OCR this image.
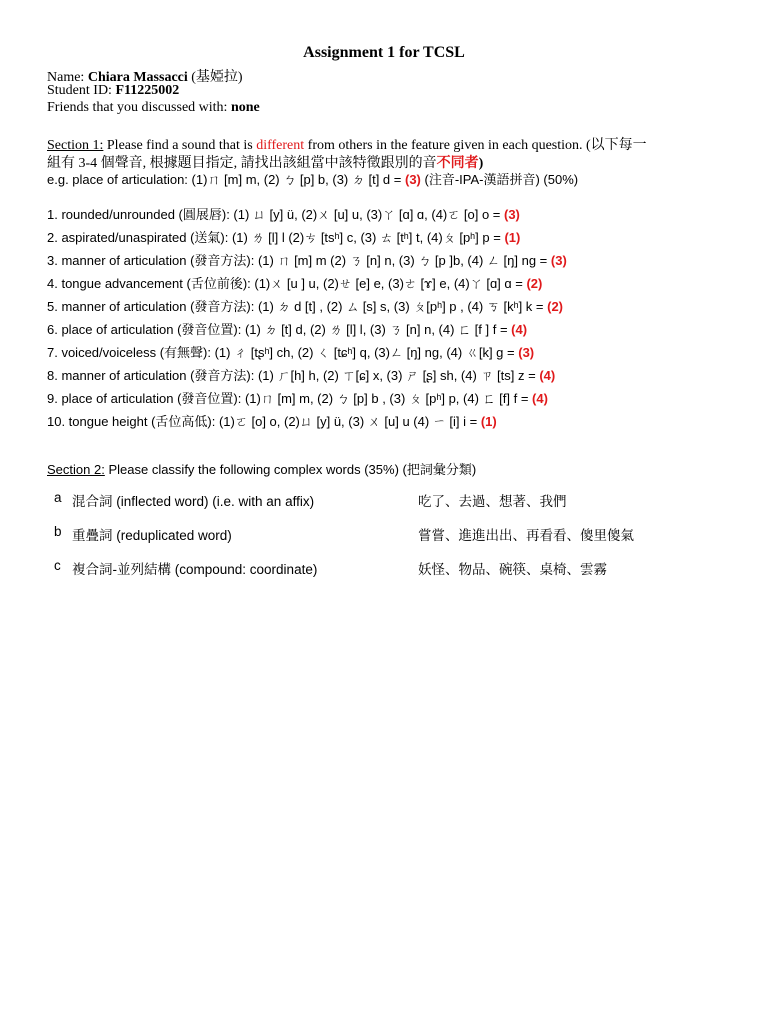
Assignment 1 for TCSL
Name: Chiara Massacci (基婭拉)
Student ID: F11225002
Friends that you discussed with: none
Section 1: Please find a sound that is different from others in the feature given in each question. (以下每一
組有 3-4 個聲音, 根據題目指定, 請找出該組當中該特徵跟別的音不同者)
e.g. place of articulation: (1)ㄇ [m] m, (2) ㄅ [p] b, (3) ㄉ [t] d = (3) (注音-IPA-漢語拼音) (50%)
1. rounded/unrounded (圓展唇): (1) ㄩ [y] ü, (2)ㄨ [u] u, (3)ㄚ [ɑ] ɑ, (4)ㄛ [o] o = (3)
2. aspirated/unaspirated (送氣): (1) ㄌ [l] l (2)ㄘ [tsʰ] c, (3) ㄊ [tʰ] t, (4)ㄆ [pʰ] p = (1)
3. manner of articulation (發音方法): (1) ㄇ [m] m (2) ㄋ [n] n, (3) ㄅ [p ]b, (4) ㄥ [ŋ] ng = (3)
4. tongue advancement (舌位前後): (1)ㄨ [u ] u, (2)ㄝ [e] e, (3)ㄜ [ɤ] e, (4)ㄚ [ɑ] ɑ = (2)
5. manner of articulation (發音方法): (1) ㄉ d [t] , (2) ㄙ [s] s, (3) ㄆ[pʰ] p , (4) ㄎ [kʰ] k = (2)
6. place of articulation (發音位置): (1) ㄉ [t] d, (2) ㄌ [l] l, (3) ㄋ [n] n, (4) ㄈ [f ] f = (4)
7. voiced/voiceless (有無聲): (1) ㄔ [tʂʰ] ch, (2) ㄑ [tɕʰ] q, (3)ㄥ [ŋ] ng, (4) ㄍ[k] g = (3)
8. manner of articulation (發音方法): (1) ㄏ[h] h, (2) ㄒ[ɕ] x, (3) ㄕ [ʂ] sh, (4) ㄗ [ts] z = (4)
9. place of articulation (發音位置): (1)ㄇ [m] m, (2) ㄅ [p] b , (3) ㄆ [pʰ] p, (4) ㄈ [f] f = (4)
10. tongue height (舌位高低): (1)ㄛ [o] o, (2)ㄩ [y] ü, (3) ㄨ [u] u (4) ㄧ [i] i = (1)
Section 2: Please classify the following complex words (35%) (把詞彙分類)
a 混合詞 (inflected word) (i.e. with an affix)	吃了、去過、想著、我們
b 重疊詞 (reduplicated word)	嘗嘗、進進出出、再看看、傻里傻氣
c 複合詞-並列結構 (compound: coordinate)	妖怪、物品、碗筷、桌椅、雲霧
